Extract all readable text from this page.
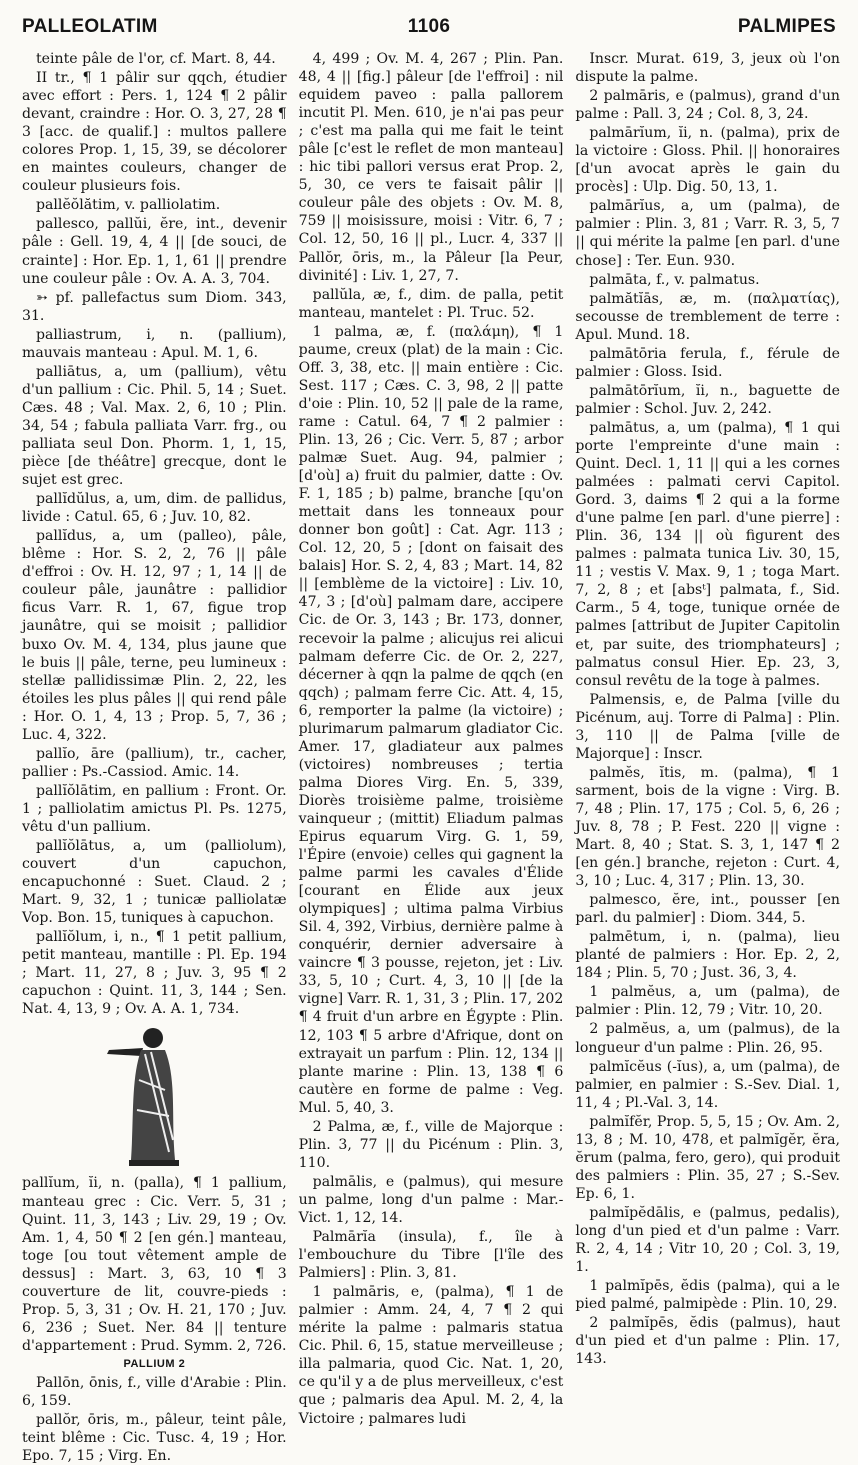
PALLEOLATIM	1106	PALMIPES

teinte pâle de l'or, cf. Mart. 8, 44.

II tr., ¶ 1 pâlir sur qqch, étudier avec effort : Pers. 1, 124 ¶ 2 pâlir devant, craindre : Hor. O. 3, 27, 28 ¶ 3 [acc. de qualif.] : multos pallere colores Prop. 1, 15, 39, se décolorer en maintes couleurs, changer de couleur plusieurs fois.

pallĕŏlătim, v. palliolatim.

pallesco, pallŭi, ĕre, int., devenir pâle : Gell. 19, 4, 4 || [de souci, de crainte] : Hor. Ep. 1, 1, 61 || prendre une couleur pâle : Ov. A. A. 3, 704.

➳ pf. pallefactus sum Diom. 343, 31.

palliastrum, i, n. (pallium), mauvais manteau : Apul. M. 1, 6.

palliātus, a, um (pallium), vêtu d'un pallium : Cic. Phil. 5, 14 ; Suet. Cæs. 48 ; Val. Max. 2, 6, 10 ; Plin. 34, 54 ; fabula palliata Varr. frg., ou palliata seul Don. Phorm. 1, 1, 15, pièce [de théâtre] grecque, dont le sujet est grec.

pallĭdŭlus, a, um, dim. de pallidus, livide : Catul. 65, 6 ; Juv. 10, 82.

pallĭdus, a, um (palleo), pâle, blême : Hor. S. 2, 2, 76 || pâle d'effroi : Ov. H. 12, 97 ; 1, 14 || de couleur pâle, jaunâtre : pallidior ficus Varr. R. 1, 67, figue trop jaunâtre, qui se moisit ; pallidior buxo Ov. M. 4, 134, plus jaune que le buis || pâle, terne, peu lumineux : stellæ pallidissimæ Plin. 2, 22, les étoiles les plus pâles || qui rend pâle : Hor. O. 1, 4, 13 ; Prop. 5, 7, 36 ; Luc. 4, 322.

pallĭo, āre (pallium), tr., cacher, pallier : Ps.-Cassiod. Amic. 14.

pallĭŏlātim, en pallium : Front. Or. 1 ; palliolatim amictus Pl. Ps. 1275, vêtu d'un pallium.

pallĭŏlātus, a, um (palliolum), couvert d'un capuchon, encapuchonné : Suet. Claud. 2 ; Mart. 9, 32, 1 ; tunicæ palliolatæ Vop. Bon. 15, tuniques à capuchon.

pallĭŏlum, i, n., ¶ 1 petit pallium, petit manteau, mantille : Pl. Ep. 194 ; Mart. 11, 27, 8 ; Juv. 3, 95 ¶ 2 capuchon : Quint. 11, 3, 144 ; Sen. Nat. 4, 13, 9 ; Ov. A. A. 1, 734.

pallĭum, ĭi, n. (palla), ¶ 1 pallium, manteau grec : Cic. Verr. 5, 31 ; Quint. 11, 3, 143 ; Liv. 29, 19 ; Ov. Am. 1, 4, 50 ¶ 2 [en gén.] manteau, toge [ou tout vêtement ample de dessus] : Mart. 3, 63, 10 ¶ 3 couverture de lit, couvre-pieds : Prop. 5, 3, 31 ; Ov. H. 21, 170 ; Juv. 6, 236 ; Suet. Ner. 84 || tenture d'appartement : Prud. Symm. 2, 726.
PALLIUM 2

Pallōn, ōnis, f., ville d'Arabie : Plin. 6, 159.

pallŏr, ōris, m., pâleur, teint pâle, teint blême : Cic. Tusc. 4, 19 ; Hor. Epo. 7, 15 ; Virg. En.

4, 499 ; Ov. M. 4, 267 ; Plin. Pan. 48, 4 || [fig.] pâleur [de l'effroi] : nil equidem paveo : palla pallorem incutit Pl. Men. 610, je n'ai pas peur ; c'est ma palla qui me fait le teint pâle [c'est le reflet de mon manteau] : hic tibi pallori versus erat Prop. 2, 5, 30, ce vers te faisait pâlir || couleur pâle des objets : Ov. M. 8, 759 || moisissure, moisi : Vitr. 6, 7 ; Col. 12, 50, 16 || pl., Lucr. 4, 337 || Pallŏr, ōris, m., la Pâleur [la Peur, divinité] : Liv. 1, 27, 7.

pallŭla, æ, f., dim. de palla, petit manteau, mantelet : Pl. Truc. 52.

1 palma, æ, f. (παλάμη), ¶ 1 paume, creux (plat) de la main : Cic. Off. 3, 38, etc. || main entière : Cic. Sest. 117 ; Cæs. C. 3, 98, 2 || patte d'oie : Plin. 10, 52 || pale de la rame, rame : Catul. 64, 7 ¶ 2 palmier : Plin. 13, 26 ; Cic. Verr. 5, 87 ; arbor palmæ Suet. Aug. 94, palmier ; [d'où] a) fruit du palmier, datte : Ov. F. 1, 185 ; b) palme, branche [qu'on mettait dans les tonneaux pour donner bon goût] : Cat. Agr. 113 ; Col. 12, 20, 5 ; [dont on faisait des balais] Hor. S. 2, 4, 83 ; Mart. 14, 82 || [emblème de la victoire] : Liv. 10, 47, 3 ; [d'où] palmam dare, accipere Cic. de Or. 3, 143 ; Br. 173, donner, recevoir la palme ; alicujus rei alicui palmam deferre Cic. de Or. 2, 227, décerner à qqn la palme de qqch (en qqch) ; palmam ferre Cic. Att. 4, 15, 6, remporter la palme (la victoire) ; plurimarum palmarum gladiator Cic. Amer. 17, gladiateur aux palmes (victoires) nombreuses ; tertia palma Diores Virg. En. 5, 339, Diorès troisième palme, troisième vainqueur ; (mittit) Eliadum palmas Epirus equarum Virg. G. 1, 59, l'Épire (envoie) celles qui gagnent la palme parmi les cavales d'Élide [courant en Élide aux jeux olympiques] ; ultima palma Virbius Sil. 4, 392, Virbius, dernière palme à conquérir, dernier adversaire à vaincre ¶ 3 pousse, rejeton, jet : Liv. 33, 5, 10 ; Curt. 4, 3, 10 || [de la vigne] Varr. R. 1, 31, 3 ; Plin. 17, 202 ¶ 4 fruit d'un arbre en Égypte : Plin. 12, 103 ¶ 5 arbre d'Afrique, dont on extrayait un parfum : Plin. 12, 134 || plante marine : Plin. 13, 138 ¶ 6 cautère en forme de palme : Veg. Mul. 5, 40, 3.

2 Palma, æ, f., ville de Majorque : Plin. 3, 77 || du Picénum : Plin. 3, 110.

palmālis, e (palmus), qui mesure un palme, long d'un palme : Mar.-Vict. 1, 12, 14.

Palmārĭa (insula), f., île à l'embouchure du Tibre [l'île des Palmiers] : Plin. 3, 81.

1 palmāris, e, (palma), ¶ 1 de palmier : Amm. 24, 4, 7 ¶ 2 qui mérite la palme : palmaris statua Cic. Phil. 6, 15, statue merveilleuse ; illa palmaria, quod Cic. Nat. 1, 20, ce qu'il y a de plus merveilleux, c'est que ; palmaris dea Apul. M. 2, 4, la Victoire ; palmares ludi

Inscr. Murat. 619, 3, jeux où l'on dispute la palme.

2 palmāris, e (palmus), grand d'un palme : Pall. 3, 24 ; Col. 8, 3, 24.

palmārĭum, ĭi, n. (palma), prix de la victoire : Gloss. Phil. || honoraires [d'un avocat après le gain du procès] : Ulp. Dig. 50, 13, 1.

palmārĭus, a, um (palma), de palmier : Plin. 3, 81 ; Varr. R. 3, 5, 7 || qui mérite la palme [en parl. d'une chose] : Ter. Eun. 930.

palmāta, f., v. palmatus.

palmătĭās, æ, m. (παλματίας), secousse de tremblement de terre : Apul. Mund. 18.

palmātōria ferula, f., férule de palmier : Gloss. Isid.

palmātōrĭum, ĭi, n., baguette de palmier : Schol. Juv. 2, 242.

palmātus, a, um (palma), ¶ 1 qui porte l'empreinte d'une main : Quint. Decl. 1, 11 || qui a les cornes palmées : palmati cervi Capitol. Gord. 3, daims ¶ 2 qui a la forme d'une palme [en parl. d'une pierre] : Plin. 36, 134 || où figurent des palmes : palmata tunica Liv. 30, 15, 11 ; vestis V. Max. 9, 1 ; toga Mart. 7, 2, 8 ; et [absᵗ] palmata, f., Sid. Carm., 5 4, toge, tunique ornée de palmes [attribut de Jupiter Capitolin et, par suite, des triomphateurs] ; palmatus consul Hier. Ep. 23, 3, consul revêtu de la toge à palmes.

Palmensis, e, de Palma [ville du Picénum, auj. Torre di Palma] : Plin. 3, 110 || de Palma [ville de Majorque] : Inscr.

palmĕs, ĭtis, m. (palma), ¶ 1 sarment, bois de la vigne : Virg. B. 7, 48 ; Plin. 17, 175 ; Col. 5, 6, 26 ; Juv. 8, 78 ; P. Fest. 220 || vigne : Mart. 8, 40 ; Stat. S. 3, 1, 147 ¶ 2 [en gén.] branche, rejeton : Curt. 4, 3, 10 ; Luc. 4, 317 ; Plin. 13, 30.

palmesco, ĕre, int., pousser [en parl. du palmier] : Diom. 344, 5.

palmētum, i, n. (palma), lieu planté de palmiers : Hor. Ep. 2, 2, 184 ; Plin. 5, 70 ; Just. 36, 3, 4.

1 palmĕus, a, um (palma), de palmier : Plin. 12, 79 ; Vitr. 10, 20.

2 palmĕus, a, um (palmus), de la longueur d'un palme : Plin. 26, 95.

palmĭcĕus (-ĭus), a, um (palma), de palmier, en palmier : S.-Sev. Dial. 1, 11, 4 ; Pl.-Val. 3, 14.

palmĭfĕr, Prop. 5, 5, 15 ; Ov. Am. 2, 13, 8 ; M. 10, 478, et palmĭgĕr, ĕra, ĕrum (palma, fero, gero), qui produit des palmiers : Plin. 35, 27 ; S.-Sev. Ep. 6, 1.

palmĭpĕdālis, e (palmus, pedalis), long d'un pied et d'un palme : Varr. R. 2, 4, 14 ; Vitr 10, 20 ; Col. 3, 19, 1.

1 palmĭpēs, ĕdis (palma), qui a le pied palmé, palmipède : Plin. 10, 29.

2 palmĭpēs, ĕdis (palmus), haut d'un pied et d'un palme : Plin. 17, 143.
